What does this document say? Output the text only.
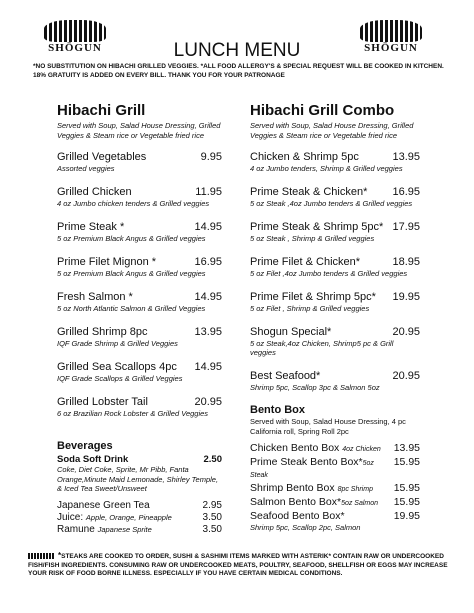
SHŌGUN	SHŌGUN
LUNCH MENU
*NO SUBSTITUTION ON HIBACHI GRILLED VEGGIES. *ALL FOOD ALLERGY'S & SPECIAL REQUEST WILL BE COOKED IN KITCHEN. 18% GRATUITY IS ADDED ON EVERY BILL. THANK YOU FOR YOUR PATRONAGE
Hibachi Grill
Served with Soup, Salad House Dressing, Grilled Veggies & Steam rice or Vegetable fried rice
Grilled Vegetables	9.95
Assorted veggies
Grilled Chicken	11.95
4 oz Jumbo chicken tenders & Grilled veggies
Prime Steak *	14.95
5 oz Premium Black Angus & Grilled veggies
Prime Filet Mignon *	16.95
5 oz Premium Black Angus & Grilled veggies
Fresh Salmon *	14.95
5 oz North Atlantic Salmon & Grilled Veggies
Grilled Shrimp 8pc	13.95
IQF Grade Shrimp & Grilled Veggies
Grilled Sea Scallops 4pc 14.95
IQF Grade Scallops & Grilled Veggies
Grilled Lobster Tail	20.95
6 oz Brazilian Rock Lobster & Grilled Veggies
Beverages
Soda Soft Drink	2.50
Coke, Diet Coke, Sprite, Mr Pibb, Fanta Orange,Minute Maid Lemonade, Shirley Temple, & Iced Tea Sweet/Unsweet
Japanese Green Tea	2.95
Juice: Apple, Orange, Pineapple	3.50
Ramune Japanese Sprite	3.50
Hibachi Grill Combo
Served with Soup, Salad House Dressing, Grilled Veggies & Steam rice or Vegetable fried rice
Chicken & Shrimp 5pc	13.95
4 oz Jumbo tenders, Shrimp & Grilled veggies
Prime Steak & Chicken* 16.95
5 oz Steak ,4oz Jumbo tenders & Grilled veggies
Prime Steak & Shrimp 5pc* 17.95
5 oz Steak , Shrimp & Grilled veggies
Prime Filet & Chicken*	18.95
5 oz Filet ,4oz Jumbo tenders & Grilled veggies
Prime Filet & Shrimp 5pc* 19.95
5 oz Filet , Shrimp & Grilled veggies
Shogun Special*	20.95
5 oz Steak,4oz Chicken, Shrimp5 pc & Grill veggies
Best Seafood*	20.95
Shrimp 5pc, Scallop 3pc & Salmon 5oz
Bento Box
Served with Soup, Salad House Dressing, 4 pc California roll, Spring Roll 2pc
Chicken Bento Box 4oz Chicken 13.95
Prime Steak Bento Box*5oz Steak
15.95
Shrimp Bento Box 8pc Shrimp 15.95
Salmon Bento Box*5oz Salmon 15.95
Seafood Bento Box*	19.95
Shrimp 5pc, Scallop 2pc, Salmon
*STEAKS ARE COOKED TO ORDER, SUSHI & SASHIMI ITEMS MARKED WITH ASTERIK* CONTAIN RAW OR UNDERCOOKED FISH/FISH INGREDIENTS. CONSUMING RAW OR UNDERCOOKED MEATS, POULTRY, SEAFOOD, SHELLFISH OR EGGS MAY INCREASE YOUR RISK OF FOOD BORNE ILLNESS. ESPECIALLY IF YOU HAVE CERTAIN MEDICAL CONDITIONS.
